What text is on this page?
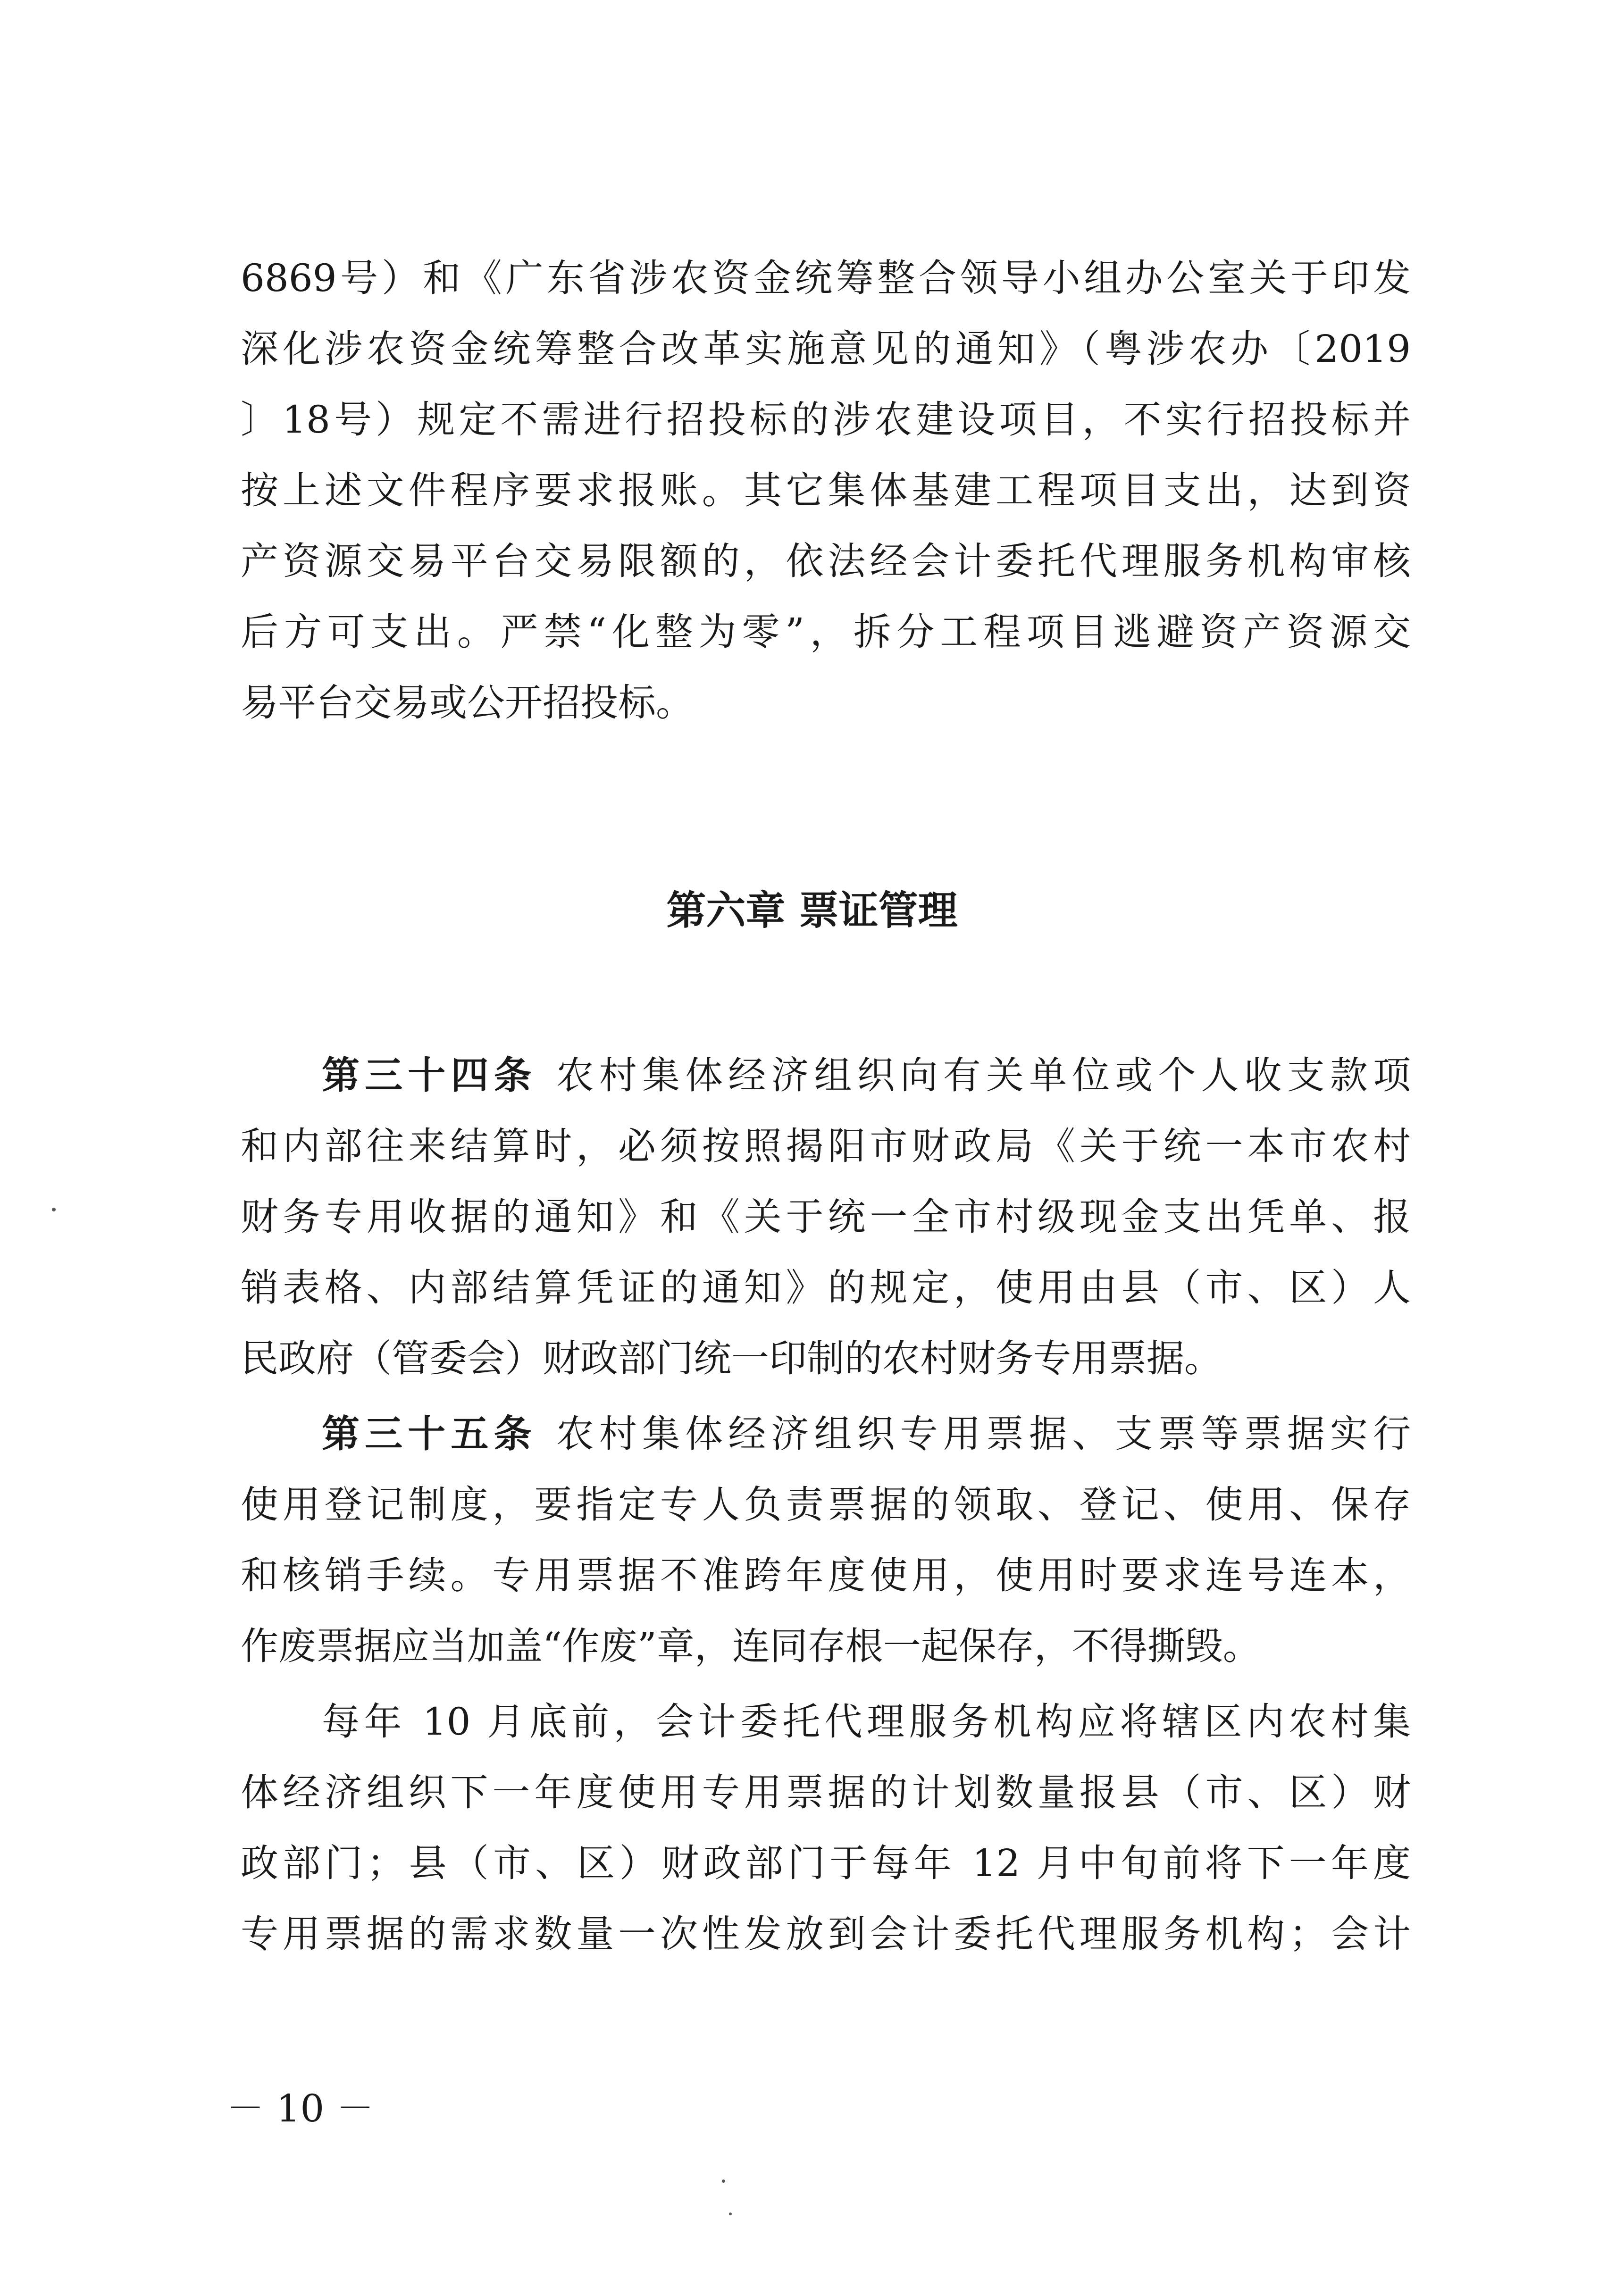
6869号）和《广东省涉农资金统筹整合领导小组办公室关于印发
深化涉农资金统筹整合改革实施意见的通知》（粤涉农办〔2019
〕18号）规定不需进行招投标的涉农建设项目，不实行招投标并
按上述文件程序要求报账。其它集体基建工程项目支出，达到资
产资源交易平台交易限额的，依法经会计委托代理服务机构审核
后方可支出。严禁“化整为零”，拆分工程项目逃避资产资源交
易平台交易或公开招投标。
第六章 票证管理
第三十四条 农村集体经济组织向有关单位或个人收支款项
和内部往来结算时，必须按照揭阳市财政局《关于统一本市农村
财务专用收据的通知》和《关于统一全市村级现金支出凭单、报
销表格、内部结算凭证的通知》的规定，使用由县（市、区）人
民政府（管委会）财政部门统一印制的农村财务专用票据。
第三十五条 农村集体经济组织专用票据、支票等票据实行
使用登记制度，要指定专人负责票据的领取、登记、使用、保存
和核销手续。专用票据不准跨年度使用，使用时要求连号连本，
作废票据应当加盖“作废”章，连同存根一起保存，不得撕毁。
每年 10 月底前，会计委托代理服务机构应将辖区内农村集
体经济组织下一年度使用专用票据的计划数量报县（市、区）财
政部门；县（市、区）财政部门于每年 12 月中旬前将下一年度
专用票据的需求数量一次性发放到会计委托代理服务机构；会计
－ 10 －
